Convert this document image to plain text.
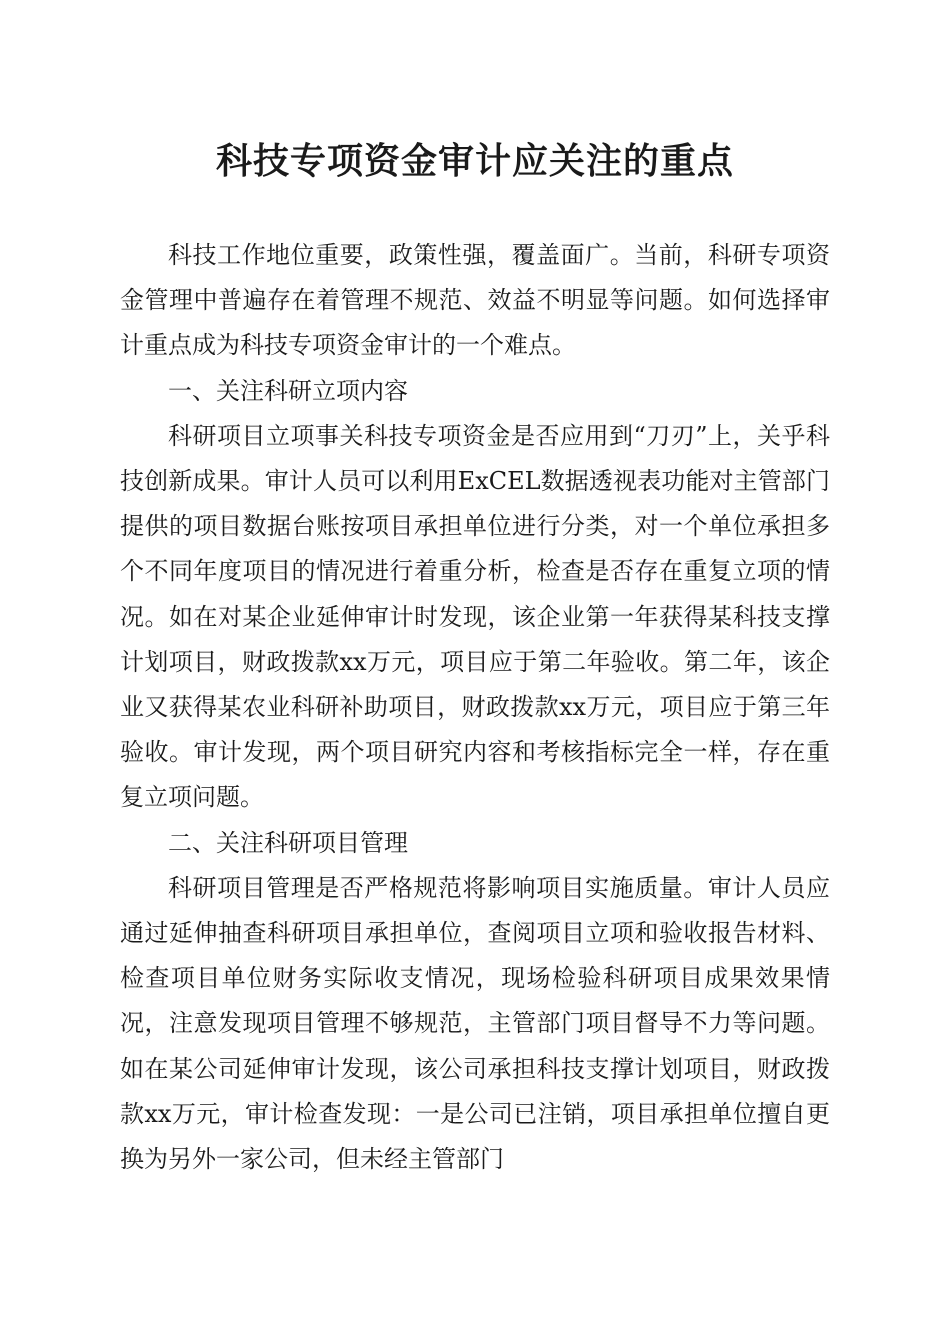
科技专项资金审计应关注的重点

科技工作地位重要，政策性强，覆盖面广。当前，科研专项资金管理中普遍存在着管理不规范、效益不明显等问题。如何选择审计重点成为科技专项资金审计的一个难点。

一、关注科研立项内容

科研项目立项事关科技专项资金是否应用到“刀刃”上，关乎科技创新成果。审计人员可以利用ExCEL数据透视表功能对主管部门提供的项目数据台账按项目承担单位进行分类，对一个单位承担多个不同年度项目的情况进行着重分析，检查是否存在重复立项的情况。如在对某企业延伸审计时发现，该企业第一年获得某科技支撑计划项目，财政拨款xx万元，项目应于第二年验收。第二年，该企业又获得某农业科研补助项目，财政拨款xx万元，项目应于第三年验收。审计发现，两个项目研究内容和考核指标完全一样，存在重复立项问题。

二、关注科研项目管理

科研项目管理是否严格规范将影响项目实施质量。审计人员应通过延伸抽查科研项目承担单位，查阅项目立项和验收报告材料、检查项目单位财务实际收支情况，现场检验科研项目成果效果情况，注意发现项目管理不够规范，主管部门项目督导不力等问题。如在某公司延伸审计发现，该公司承担科技支撑计划项目，财政拨款xx万元，审计检查发现：一是公司已注销，项目承担单位擅自更换为另外一家公司，但未经主管部门
